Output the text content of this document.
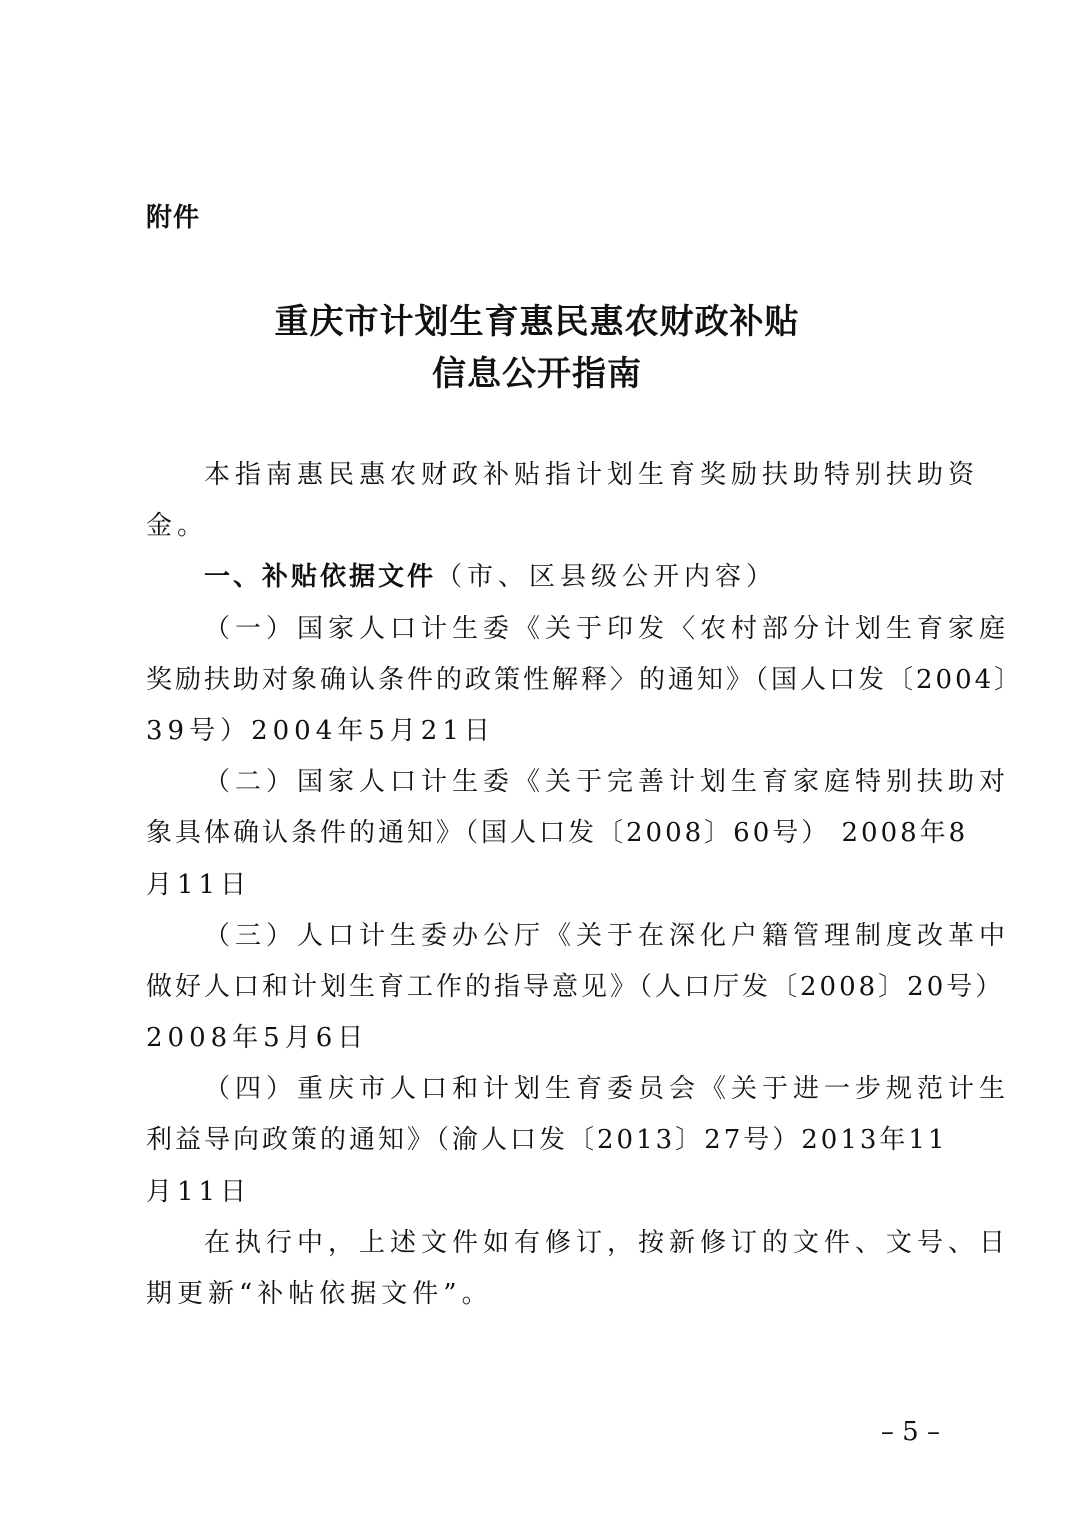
附件
重庆市计划生育惠民惠农财政补贴
信息公开指南
本指南惠民惠农财政补贴指计划生育奖励扶助特别扶助资
金。
一、补贴依据文件（市、区县级公开内容）
（一）国家人口计生委《关于印发〈农村部分计划生育家庭
奖励扶助对象确认条件的政策性解释〉的通知》（国人口发〔2004〕
39号）2004年5月21日
（二）国家人口计生委《关于完善计划生育家庭特别扶助对
象具体确认条件的通知》（国人口发〔2008〕60号） 2008年8
月11日
（三）人口计生委办公厅《关于在深化户籍管理制度改革中
做好人口和计划生育工作的指导意见》（人口厅发〔2008〕20号）
2008年5月6日
（四）重庆市人口和计划生育委员会《关于进一步规范计生
利益导向政策的通知》（渝人口发〔2013〕27号）2013年11
月11日
在执行中，上述文件如有修订，按新修订的文件、文号、日
期更新“补帖依据文件”。
– 5 –
